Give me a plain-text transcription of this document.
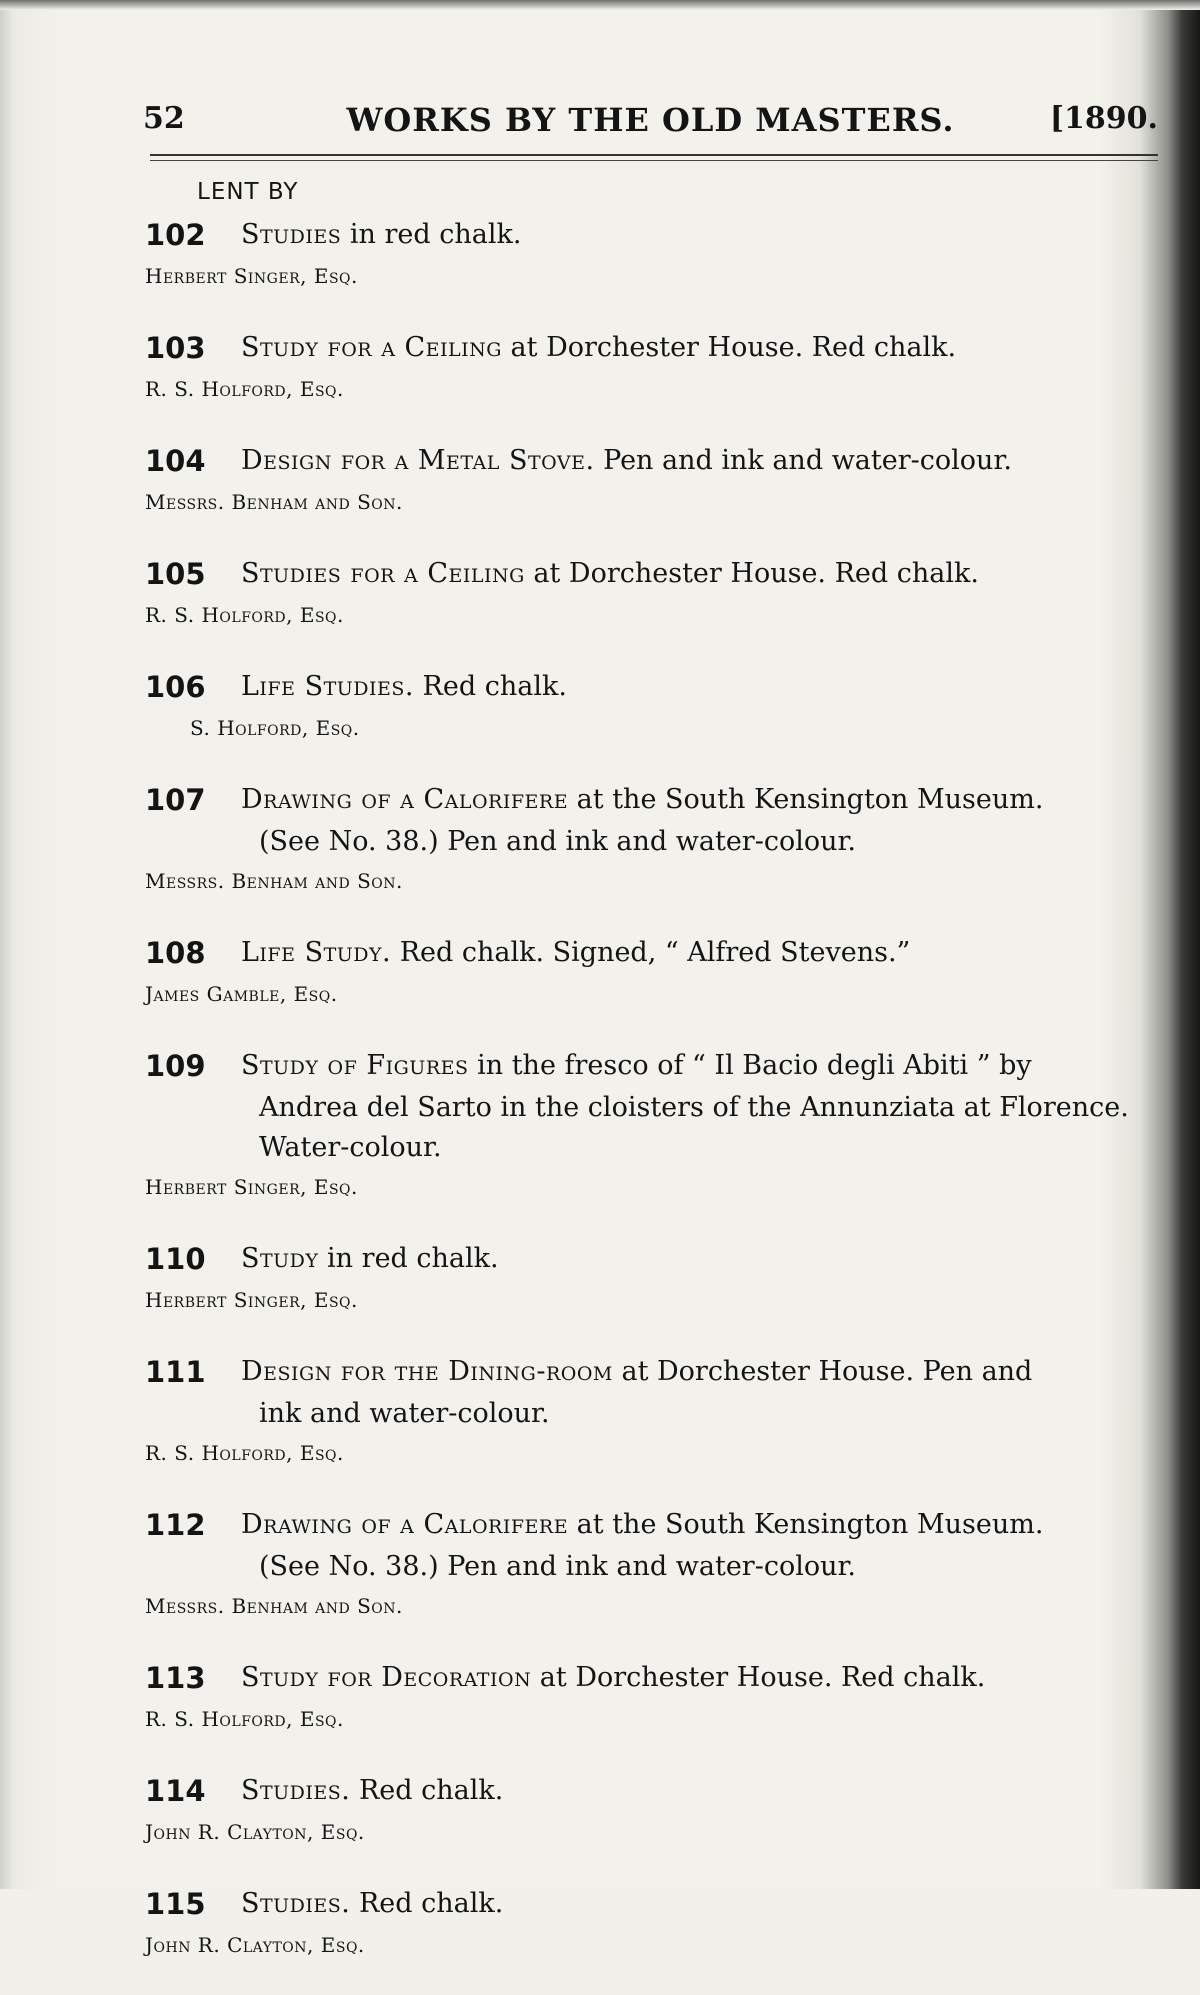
52	WORKS BY THE OLD MASTERS.	[1890.
LENT BY
102 Studies in red chalk.
Herbert Singer, Esq.
103 Study for a Ceiling at Dorchester House. Red chalk.
R. S. Holford, Esq.
104 Design for a Metal Stove. Pen and ink and water-colour.
Messrs. Benham and Son.
105 Studies for a Ceiling at Dorchester House. Red chalk.
R. S. Holford, Esq.
106 Life Studies. Red chalk.
S. Holford, Esq.
107 Drawing of a Calorifere at the South Kensington Museum.
(See No. 38.) Pen and ink and water-colour.
Messrs. Benham and Son.
108 Life Study. Red chalk. Signed, “ Alfred Stevens.”
James Gamble, Esq.
109 Study of Figures in the fresco of “ Il Bacio degli Abiti ” by
Andrea del Sarto in the cloisters of the Annunziata at Florence.
Water-colour.
Herbert Singer, Esq.
110 Study in red chalk.
Herbert Singer, Esq.
111 Design for the Dining-room at Dorchester House. Pen and
ink and water-colour.
R. S. Holford, Esq.
112 Drawing of a Calorifere at the South Kensington Museum.
(See No. 38.) Pen and ink and water-colour.
Messrs. Benham and Son.
113 Study for Decoration at Dorchester House. Red chalk.
R. S. Holford, Esq.
114 Studies. Red chalk.
John R. Clayton, Esq.
115 Studies. Red chalk.
John R. Clayton, Esq.
